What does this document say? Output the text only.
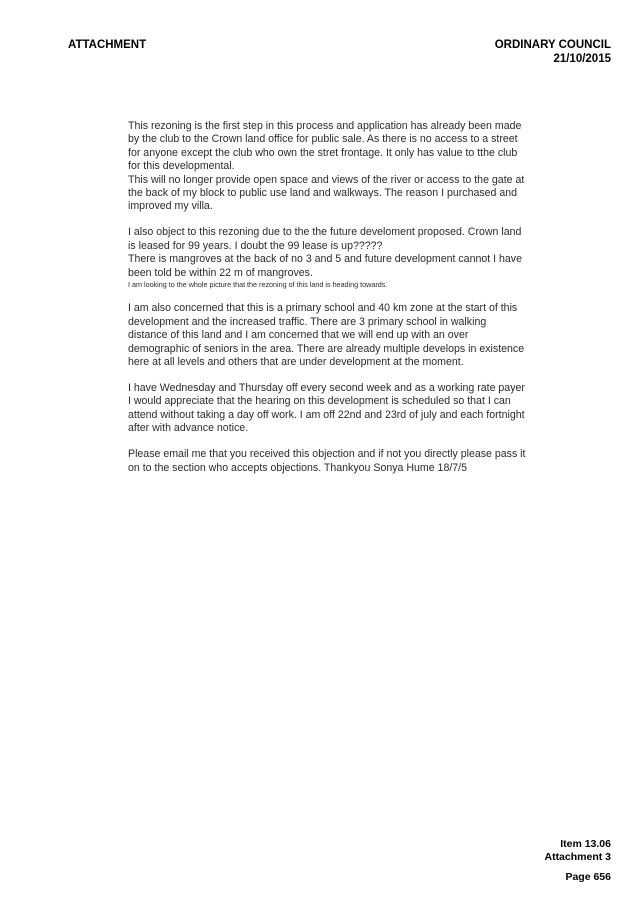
ATTACHMENT	ORDINARY COUNCIL
21/10/2015

This rezoning is the first step in this process and application has already been made
by the club to the Crown land office for public sale. As there is no access to a street
for anyone except the club who own the stret frontage. It only has value to tthe club
for this developmental.
This will no longer provide open space and views of the river or access to the gate at
the back of my block to public use land and walkways. The reason I purchased and
improved my villa.

I also object to this rezoning due to the the future develoment proposed. Crown land
is leased for 99 years. I doubt the 99 lease is up?????
There is mangroves at the back of no 3 and 5 and future development cannot I have
been told be within 22 m of mangroves.
I am looking to the whole picture that the rezoning of this land is heading towards.

I am also concerned that this is a primary school and 40 km zone at the start of this
development and the increased traffic. There are 3 primary school in walking
distance of this land and I am concerned that we will end up with an over
demographic of seniors in the area. There are already multiple develops in existence
here at all levels and others that are under development at the moment.

I have Wednesday and Thursday off every second week and as a working rate payer
I would appreciate that the hearing on this development is scheduled so that I can
attend without taking a day off work. I am off 22nd and 23rd of july and each fortnight
after with advance notice.

Please email me that you received this objection and if not you directly please pass it
on to the section who accepts objections. Thankyou Sonya Hume 18/7/5

Item 13.06
Attachment 3
Page 656
